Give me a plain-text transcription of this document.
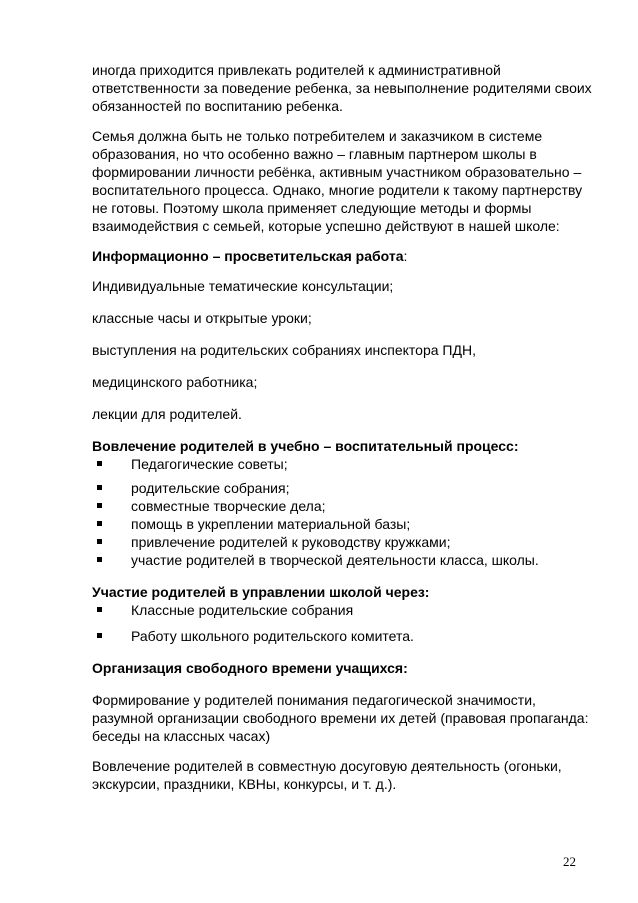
иногда приходится привлекать родителей к административной ответственности за поведение ребенка, за невыполнение родителями своих обязанностей по воспитанию ребенка.

Семья должна быть не только потребителем и заказчиком в системе образования, но что особенно важно – главным партнером школы в формировании личности ребёнка, активным участником образовательно – воспитательного процесса. Однако, многие родители к такому партнерству не готовы. Поэтому школа применяет следующие методы и формы взаимодействия с семьей, которые успешно действуют в нашей школе:

Информационно – просветительская работа:

Индивидуальные тематические консультации;

классные часы и открытые уроки;

выступления на родительских собраниях инспектора ПДН,

медицинского работника;

лекции для родителей.

Вовлечение родителей в учебно – воспитательный процесс:

Педагогические советы;
родительские собрания;
совместные творческие дела;
помощь в укреплении материальной базы;
привлечение родителей к руководству кружками;
участие родителей в творческой деятельности класса, школы.

Участие родителей в управлении школой через:

Классные родительские собрания
Работу школьного родительского комитета.

Организация свободного времени учащихся:

Формирование у родителей понимания педагогической значимости, разумной организации свободного времени их детей (правовая пропаганда: беседы на классных часах)

Вовлечение родителей в совместную досуговую деятельность (огоньки, экскурсии, праздники, КВНы, конкурсы, и т. д.).

22
